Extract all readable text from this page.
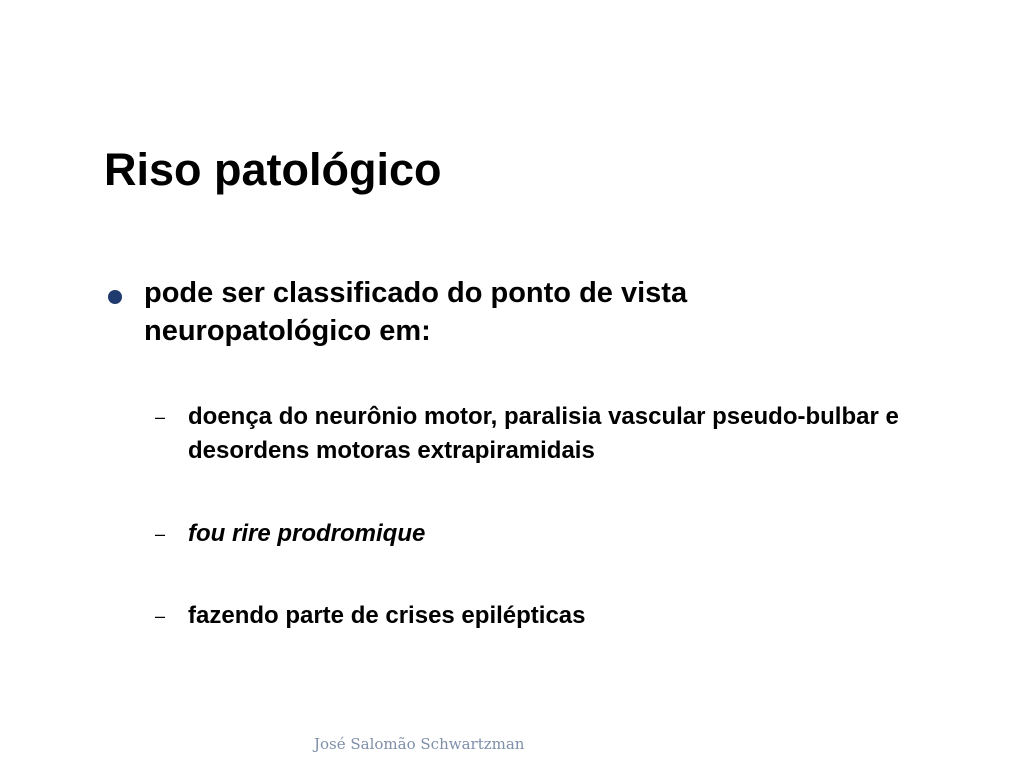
Riso patológico
pode ser classificado do ponto de vista neuropatológico em:
– doença do neurônio motor, paralisia vascular pseudo-bulbar e desordens motoras extrapiramidais
– fou rire prodromique
– fazendo parte de crises epilépticas
José Salomão Schwartzman
